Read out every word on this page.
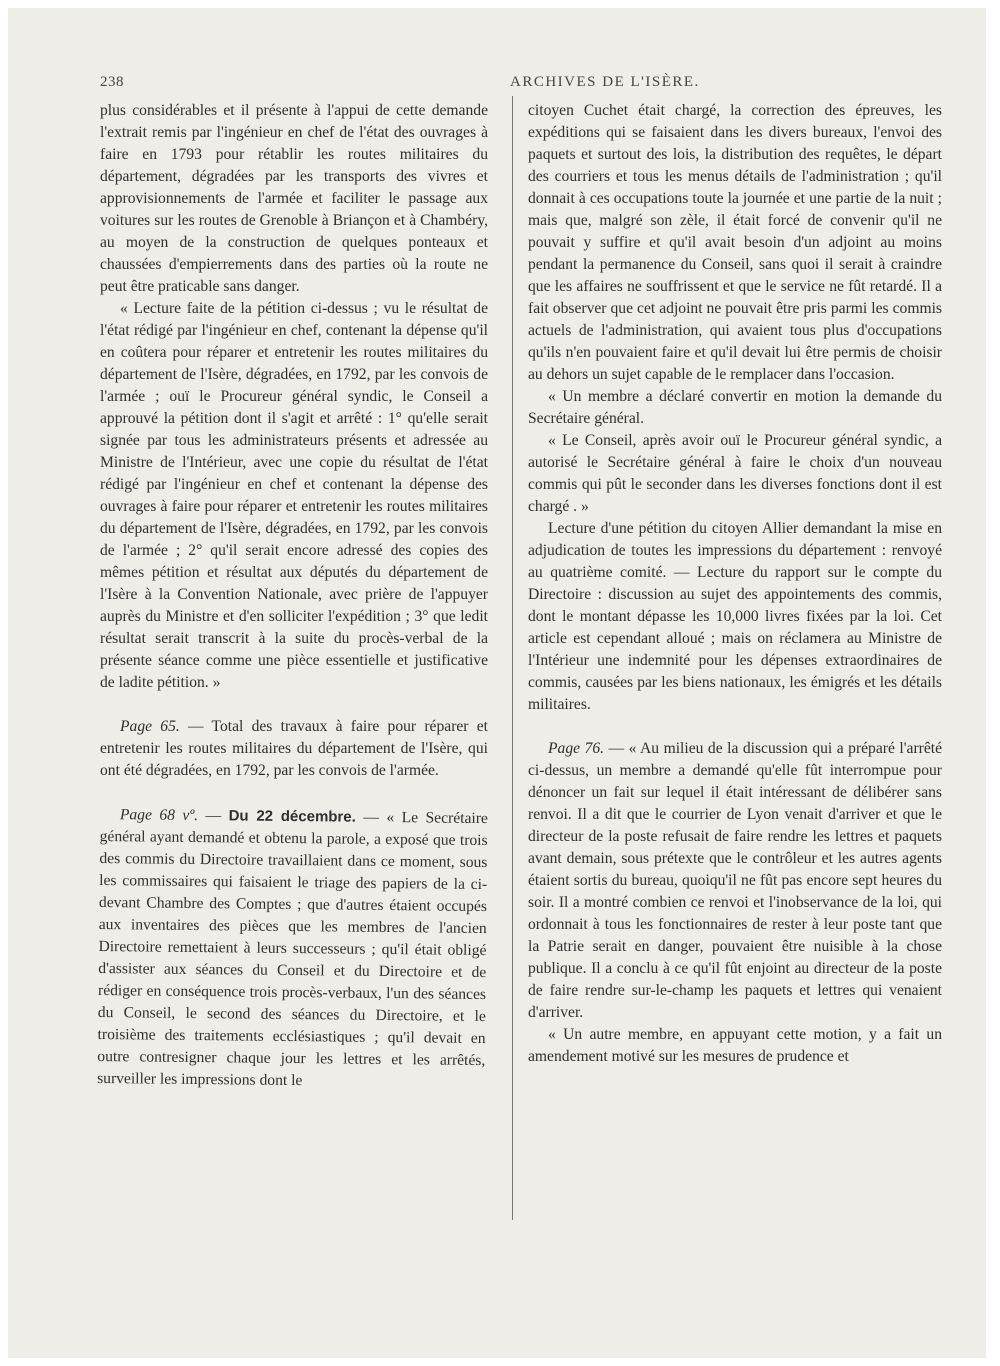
238	ARCHIVES DE L'ISÈRE.

plus considérables et il présente à l'appui de cette demande l'extrait remis par l'ingénieur en chef de l'état des ouvrages à faire en 1793 pour rétablir les routes militaires du département, dégradées par les transports des vivres et approvisionnements de l'armée et faciliter le passage aux voitures sur les routes de Grenoble à Briançon et à Chambéry, au moyen de la construction de quelques ponteaux et chaussées d'empierrements dans des parties où la route ne peut être praticable sans danger.

« Lecture faite de la pétition ci-dessus ; vu le résultat de l'état rédigé par l'ingénieur en chef, contenant la dépense qu'il en coûtera pour réparer et entretenir les routes militaires du département de l'Isère, dégradées, en 1792, par les convois de l'armée ; ouï le Procureur général syndic, le Conseil a approuvé la pétition dont il s'agit et arrêté : 1° qu'elle serait signée par tous les administrateurs présents et adressée au Ministre de l'Intérieur, avec une copie du résultat de l'état rédigé par l'ingénieur en chef et contenant la dépense des ouvrages à faire pour réparer et entretenir les routes militaires du département de l'Isère, dégradées, en 1792, par les convois de l'armée ; 2° qu'il serait encore adressé des copies des mêmes pétition et résultat aux députés du département de l'Isère à la Convention Nationale, avec prière de l'appuyer auprès du Ministre et d'en solliciter l'expédition ; 3° que ledit résultat serait transcrit à la suite du procès-verbal de la présente séance comme une pièce essentielle et justificative de ladite pétition. »

Page 65. — Total des travaux à faire pour réparer et entretenir les routes militaires du département de l'Isère, qui ont été dégradées, en 1792, par les convois de l'armée.

Page 68 vº. — Du 22 décembre. — « Le Secrétaire général ayant demandé et obtenu la parole, a exposé que trois des commis du Directoire travaillaient dans ce moment, sous les commissaires qui faisaient le triage des papiers de la ci-devant Chambre des Comptes ; que d'autres étaient occupés aux inventaires des pièces que les membres de l'ancien Directoire remettaient à leurs successeurs ; qu'il était obligé d'assister aux séances du Conseil et du Directoire et de rédiger en conséquence trois procès-verbaux, l'un des séances du Conseil, le second des séances du Directoire, et le troisième des traitements ecclésiastiques ; qu'il devait en outre contresigner chaque jour les lettres et les arrêtés, surveiller les impressions dont le

citoyen Cuchet était chargé, la correction des épreuves, les expéditions qui se faisaient dans les divers bureaux, l'envoi des paquets et surtout des lois, la distribution des requêtes, le départ des courriers et tous les menus détails de l'administration ; qu'il donnait à ces occupations toute la journée et une partie de la nuit ; mais que, malgré son zèle, il était forcé de convenir qu'il ne pouvait y suffire et qu'il avait besoin d'un adjoint au moins pendant la permanence du Conseil, sans quoi il serait à craindre que les affaires ne souffrissent et que le service ne fût retardé. Il a fait observer que cet adjoint ne pouvait être pris parmi les commis actuels de l'administration, qui avaient tous plus d'occupations qu'ils n'en pouvaient faire et qu'il devait lui être permis de choisir au dehors un sujet capable de le remplacer dans l'occasion.

« Un membre a déclaré convertir en motion la demande du Secrétaire général.

« Le Conseil, après avoir ouï le Procureur général syndic, a autorisé le Secrétaire général à faire le choix d'un nouveau commis qui pût le seconder dans les diverses fonctions dont il est chargé . »

Lecture d'une pétition du citoyen Allier demandant la mise en adjudication de toutes les impressions du département : renvoyé au quatrième comité. — Lecture du rapport sur le compte du Directoire : discussion au sujet des appointements des commis, dont le montant dépasse les 10,000 livres fixées par la loi. Cet article est cependant alloué ; mais on réclamera au Ministre de l'Intérieur une indemnité pour les dépenses extraordinaires de commis, causées par les biens nationaux, les émigrés et les détails militaires.

Page 76. — « Au milieu de la discussion qui a préparé l'arrêté ci-dessus, un membre a demandé qu'elle fût interrompue pour dénoncer un fait sur lequel il était intéressant de délibérer sans renvoi. Il a dit que le courrier de Lyon venait d'arriver et que le directeur de la poste refusait de faire rendre les lettres et paquets avant demain, sous prétexte que le contrôleur et les autres agents étaient sortis du bureau, quoiqu'il ne fût pas encore sept heures du soir. Il a montré combien ce renvoi et l'inobservance de la loi, qui ordonnait à tous les fonctionnaires de rester à leur poste tant que la Patrie serait en danger, pouvaient être nuisible à la chose publique. Il a conclu à ce qu'il fût enjoint au directeur de la poste de faire rendre sur-le-champ les paquets et lettres qui venaient d'arriver.

« Un autre membre, en appuyant cette motion, y a fait un amendement motivé sur les mesures de prudence et
